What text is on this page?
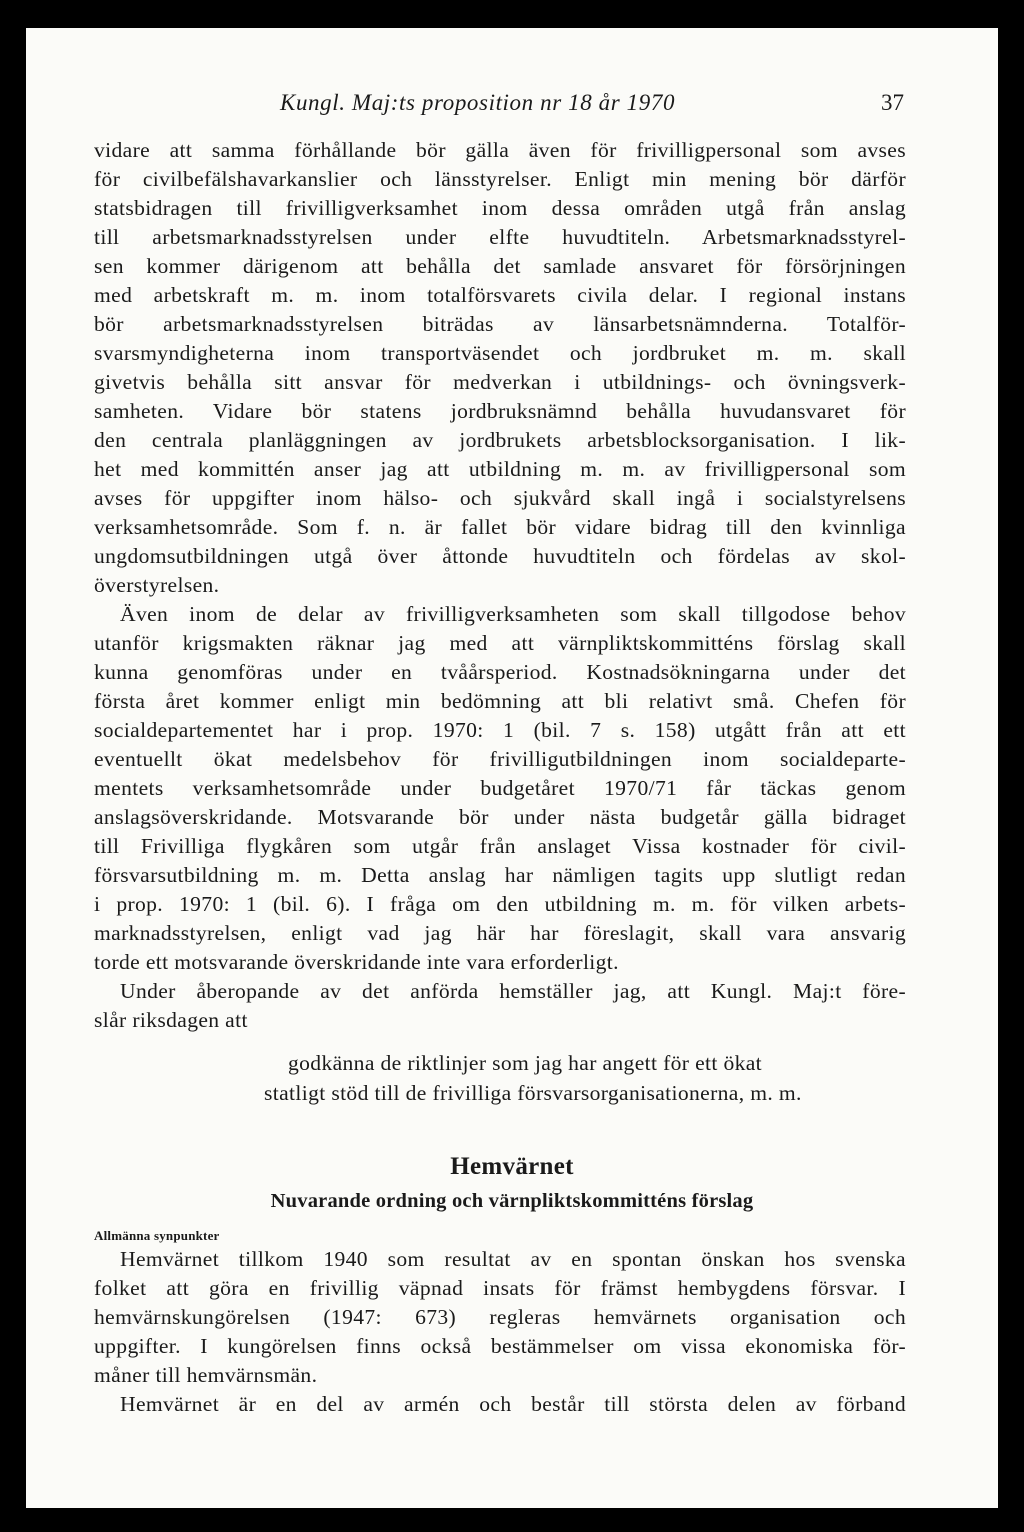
Kungl. Maj:ts proposition nr 18 år 1970	37

vidare att samma förhållande bör gälla även för frivilligpersonal som avses
för civilbefälshavarkanslier och länsstyrelser. Enligt min mening bör därför
statsbidragen till frivilligverksamhet inom dessa områden utgå från anslag
till arbetsmarknadsstyrelsen under elfte huvudtiteln. Arbetsmarknadsstyrel-
sen kommer därigenom att behålla det samlade ansvaret för försörjningen
med arbetskraft m. m. inom totalförsvarets civila delar. I regional instans
bör arbetsmarknadsstyrelsen biträdas av länsarbetsnämnderna. Totalför-
svarsmyndigheterna inom transportväsendet och jordbruket m. m. skall
givetvis behålla sitt ansvar för medverkan i utbildnings- och övningsverk-
samheten. Vidare bör statens jordbruksnämnd behålla huvudansvaret för
den centrala planläggningen av jordbrukets arbetsblocksorganisation. I lik-
het med kommittén anser jag att utbildning m. m. av frivilligpersonal som
avses för uppgifter inom hälso- och sjukvård skall ingå i socialstyrelsens
verksamhetsområde. Som f. n. är fallet bör vidare bidrag till den kvinnliga
ungdomsutbildningen utgå över åttonde huvudtiteln och fördelas av skol-
överstyrelsen.

Även inom de delar av frivilligverksamheten som skall tillgodose behov
utanför krigsmakten räknar jag med att värnpliktskommitténs förslag skall
kunna genomföras under en tvåårsperiod. Kostnadsökningarna under det
första året kommer enligt min bedömning att bli relativt små. Chefen för
socialdepartementet har i prop. 1970: 1 (bil. 7 s. 158) utgått från att ett
eventuellt ökat medelsbehov för frivilligutbildningen inom socialdeparte-
mentets verksamhetsområde under budgetåret 1970/71 får täckas genom
anslagsöverskridande. Motsvarande bör under nästa budgetår gälla bidraget
till Frivilliga flygkåren som utgår från anslaget Vissa kostnader för civil-
försvarsutbildning m. m. Detta anslag har nämligen tagits upp slutligt redan
i prop. 1970: 1 (bil. 6). I fråga om den utbildning m. m. för vilken arbets-
marknadsstyrelsen, enligt vad jag här har föreslagit, skall vara ansvarig
torde ett motsvarande överskridande inte vara erforderligt.

Under åberopande av det anförda hemställer jag, att Kungl. Maj:t före-
slår riksdagen att

godkänna de riktlinjer som jag har angett för ett ökat
statligt stöd till de frivilliga försvarsorganisationerna, m. m.
Hemvärnet
Nuvarande ordning och värnpliktskommitténs förslag
Allmänna synpunkter

Hemvärnet tillkom 1940 som resultat av en spontan önskan hos svenska
folket att göra en frivillig väpnad insats för främst hembygdens försvar. I
hemvärnskungörelsen (1947: 673) regleras hemvärnets organisation och
uppgifter. I kungörelsen finns också bestämmelser om vissa ekonomiska för-
måner till hemvärnsmän.

Hemvärnet är en del av armén och består till största delen av förband
